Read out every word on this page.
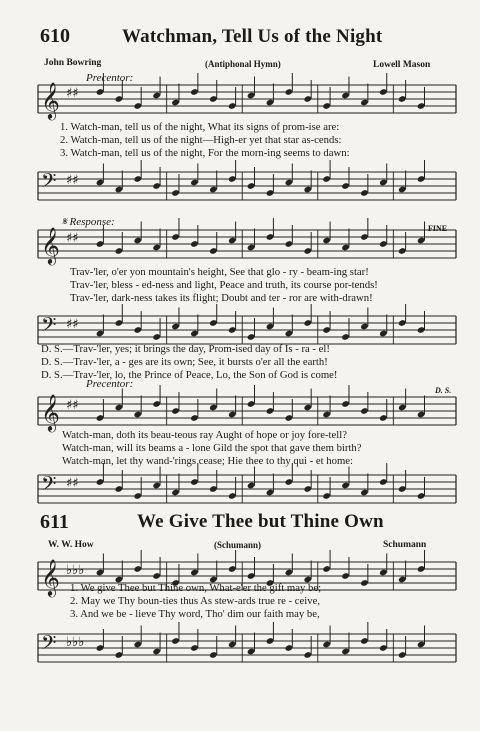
610	Watchman, Tell Us of the Night
John Bowring	(Antiphonal Hymn)	Lowell Mason
Precentor:
𝄞 ♯♯
1. Watch-man, tell us of the night, What its signs of prom-ise are:
2. Watch-man, tell us of the night—High-er yet that star as-cends:
3. Watch-man, tell us of the night, For the morn-ing seems to dawn:
𝄢 ♯♯
𝄋 Response:
FINE
𝄞 ♯♯
Trav-'ler, o'er yon mountain's height, See that glo - ry - beam-ing star!
Trav-'ler, bless - ed-ness and light, Peace and truth, its course por-tends!
Trav-'ler, dark-ness takes its flight; Doubt and ter - ror are with-drawn!
𝄢 ♯♯
D. S.—Trav-'ler, yes; it brings the day, Prom-ised day of Is - ra - el!
D. S.—Trav-'ler, a - ges are its own; See, it bursts o'er all the earth!
D. S.—Trav-'ler, lo, the Prince of Peace, Lo, the Son of God is come!
Precentor:
D. S.
𝄞 ♯♯
Watch-man, doth its beau-teous ray Aught of hope or joy fore-tell?
Watch-man, will its beams a - lone Gild the spot that gave them birth?
Watch-man, let thy wand-'rings cease; Hie thee to thy qui - et home:
𝄢 ♯♯
611	We Give Thee but Thine Own
W. W. How	(Schumann)	Schumann
𝄞 ♭♭♭
1. We give Thee but Thine own, What-e'er the gift may be;
2. May we Thy boun-ties thus As stew-ards true re - ceive,
3. And we be - lieve Thy word, Tho' dim our faith may be,
𝄢 ♭♭♭
